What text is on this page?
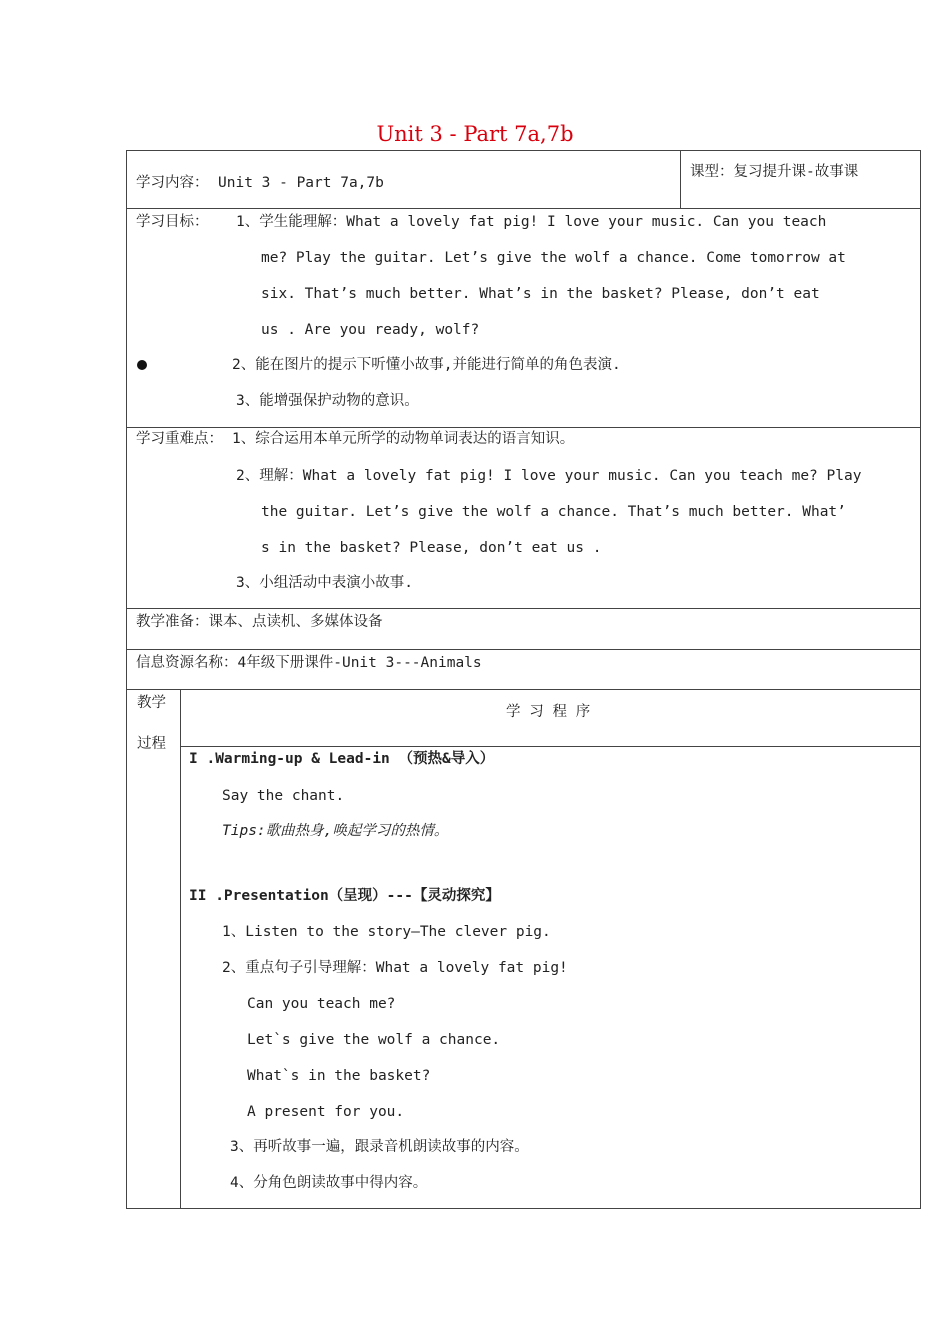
Unit 3 - Part 7a,7b
学习内容： Unit 3 - Part 7a,7b
课型：复习提升课-故事课
学习目标： 1、学生能理解：What a lovely fat pig! I love your music. Can you teach
me? Play the guitar. Let’s give the wolf a chance. Come tomorrow at
six. That’s much better. What’s in the basket? Please, don’t eat
us . Are you ready, wolf?
2、能在图片的提示下听懂小故事,并能进行简单的角色表演.
3、能增强保护动物的意识。
学习重难点： 1、综合运用本单元所学的动物单词表达的语言知识。
2、理解：What a lovely fat pig! I love your music. Can you teach me? Play
the guitar. Let’s give the wolf a chance. That’s much better. What’
s in the basket? Please, don’t eat us .
3、小组活动中表演小故事.
教学准备：课本、点读机、多媒体设备
信息资源名称：4年级下册课件-Unit 3---Animals
教学
过程
学 习 程 序
I .Warming-up & Lead-in （预热&导入）
Say the chant.
Tips:歌曲热身,唤起学习的热情。
II .Presentation（呈现）---【灵动探究】
1、Listen to the story—The clever pig.
2、重点句子引导理解：What a lovely fat pig!
Can you teach me?
Let`s give the wolf a chance.
What`s in the basket?
A present for you.
3、再听故事一遍，跟录音机朗读故事的内容。
4、分角色朗读故事中得内容。
